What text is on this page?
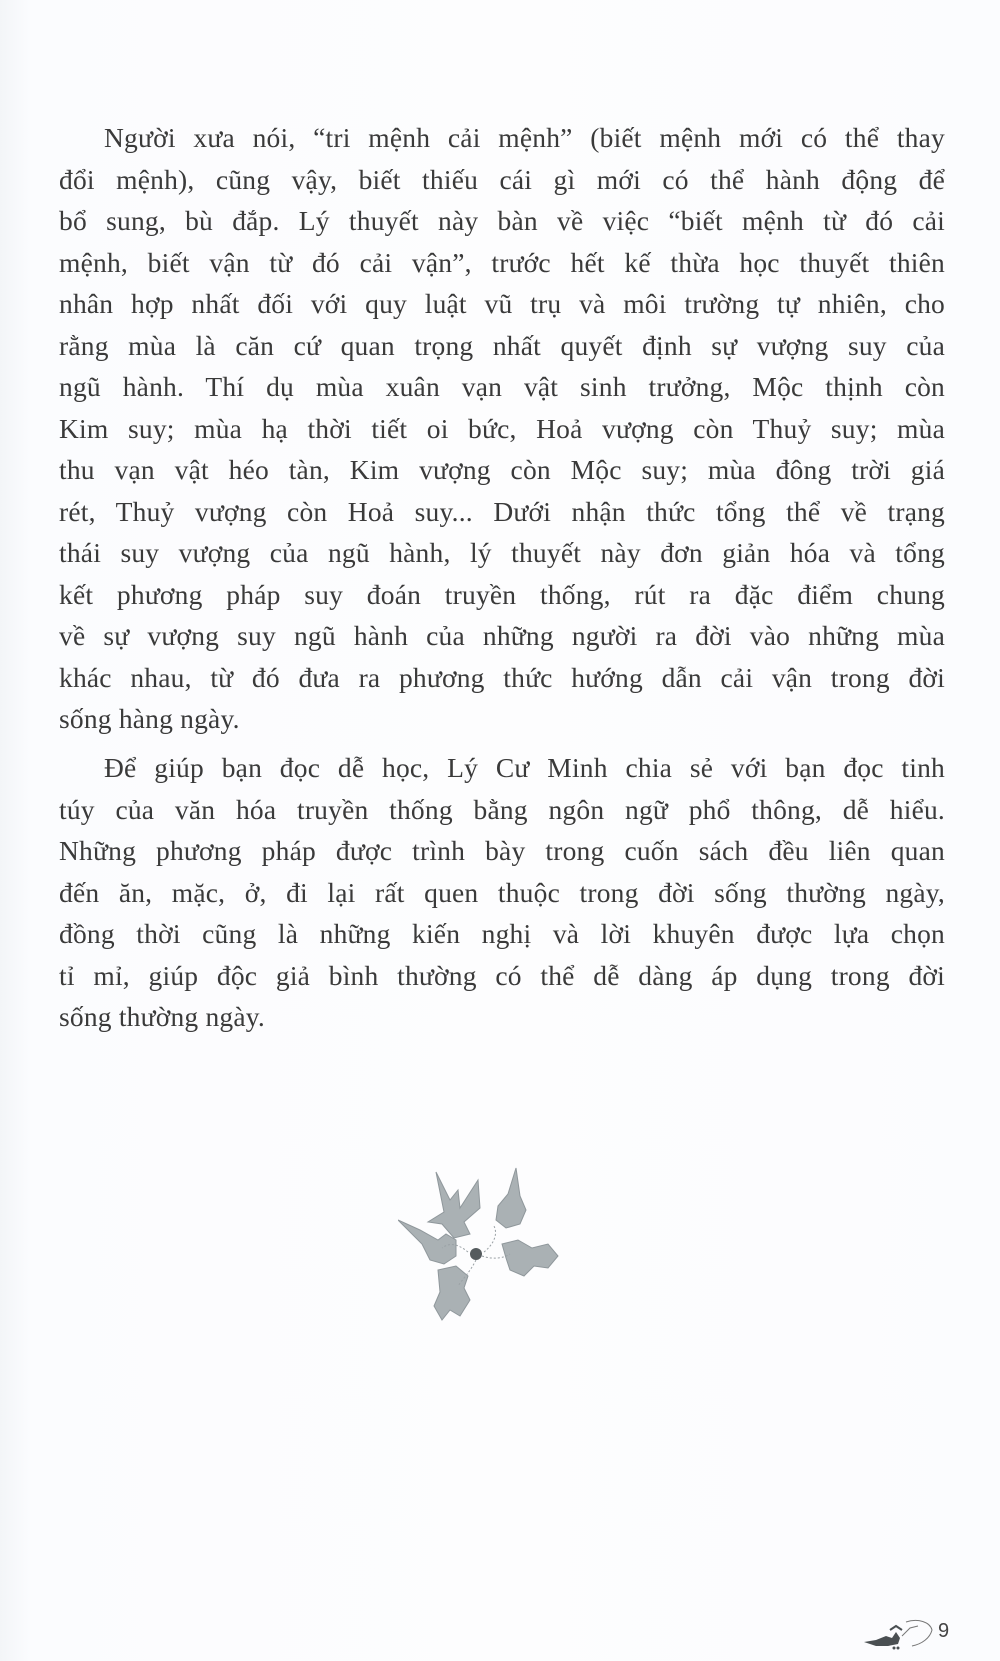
Người xưa nói, “tri mệnh cải mệnh” (biết mệnh mới có thể thay
đổi mệnh), cũng vậy, biết thiếu cái gì mới có thể hành động để
bổ sung, bù đắp. Lý thuyết này bàn về việc “biết mệnh từ đó cải
mệnh, biết vận từ đó cải vận”, trước hết kế thừa học thuyết thiên
nhân hợp nhất đối với quy luật vũ trụ và môi trường tự nhiên, cho
rằng mùa là căn cứ quan trọng nhất quyết định sự vượng suy của
ngũ hành. Thí dụ mùa xuân vạn vật sinh trưởng, Mộc thịnh còn
Kim suy; mùa hạ thời tiết oi bức, Hoả vượng còn Thuỷ suy; mùa
thu vạn vật héo tàn, Kim vượng còn Mộc suy; mùa đông trời giá
rét, Thuỷ vượng còn Hoả suy... Dưới nhận thức tổng thể về trạng
thái suy vượng của ngũ hành, lý thuyết này đơn giản hóa và tổng
kết phương pháp suy đoán truyền thống, rút ra đặc điểm chung
về sự vượng suy ngũ hành của những người ra đời vào những mùa
khác nhau, từ đó đưa ra phương thức hướng dẫn cải vận trong đời
sống hàng ngày.
Để giúp bạn đọc dễ học, Lý Cư Minh chia sẻ với bạn đọc tinh
túy của văn hóa truyền thống bằng ngôn ngữ phổ thông, dễ hiểu.
Những phương pháp được trình bày trong cuốn sách đều liên quan
đến ăn, mặc, ở, đi lại rất quen thuộc trong đời sống thường ngày,
đồng thời cũng là những kiến nghị và lời khuyên được lựa chọn
tỉ mỉ, giúp độc giả bình thường có thể dễ dàng áp dụng trong đời
sống thường ngày.
9
